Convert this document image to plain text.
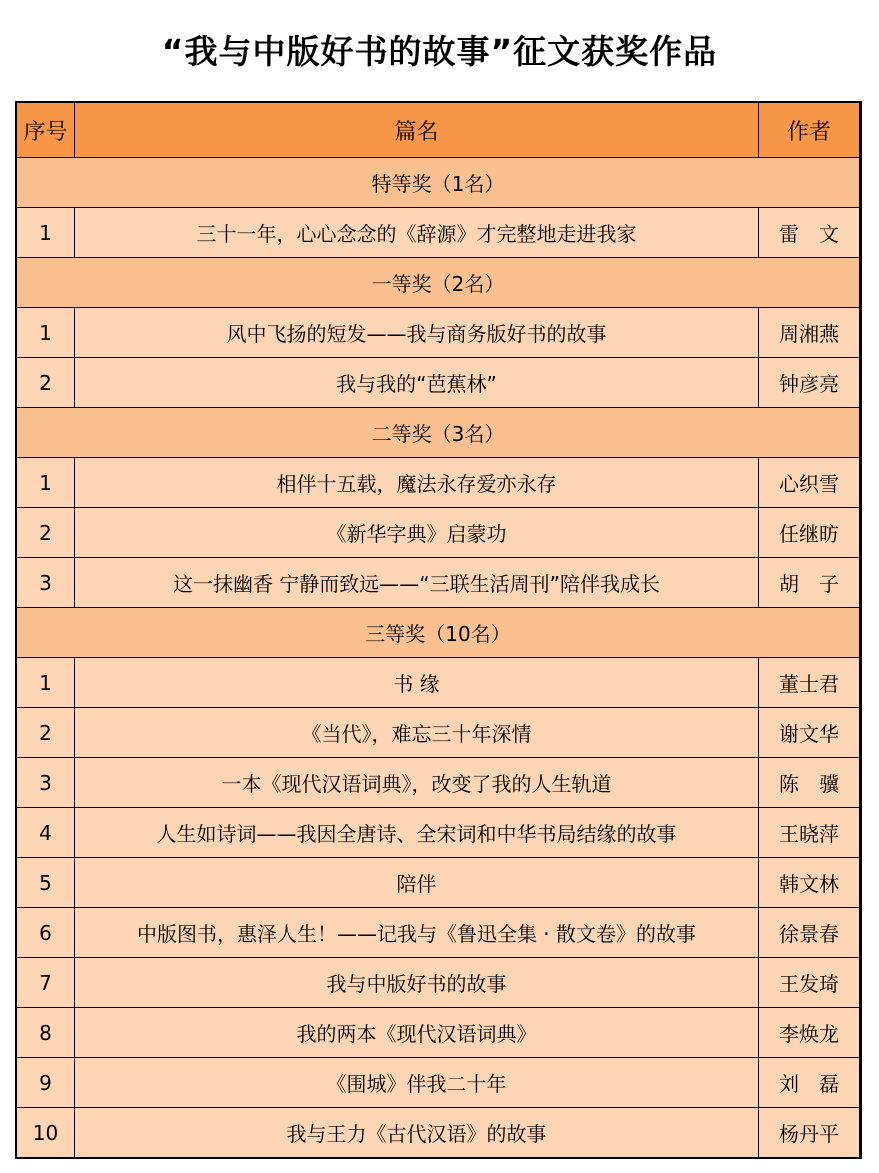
“我与中版好书的故事”征文获奖作品
序号	篇名	作者
特等奖（1名）		
1	三十一年，心心念念的《辞源》才完整地走进我家	雷　文
一等奖（2名）		
1	风中飞扬的短发——我与商务版好书的故事	周湘燕
2	我与我的“芭蕉林”	钟彦亮
二等奖（3名）		
1	相伴十五载，魔法永存爱亦永存	心织雪
2	《新华字典》启蒙功	任继昉
3	这一抹幽香 宁静而致远——“三联生活周刊”陪伴我成长	胡　子
三等奖（10名）		
1	书 缘	董士君
2	《当代》，难忘三十年深情	谢文华
3	一本《现代汉语词典》，改变了我的人生轨道	陈　骥
4	人生如诗词——我因全唐诗、全宋词和中华书局结缘的故事	王晓萍
5	陪伴	韩文林
6	中版图书，惠泽人生！——记我与《鲁迅全集 · 散文卷》的故事	徐景春
7	我与中版好书的故事	王发琦
8	我的两本《现代汉语词典》	李焕龙
9	《围城》伴我二十年	刘　磊
10	我与王力《古代汉语》的故事	杨丹平
